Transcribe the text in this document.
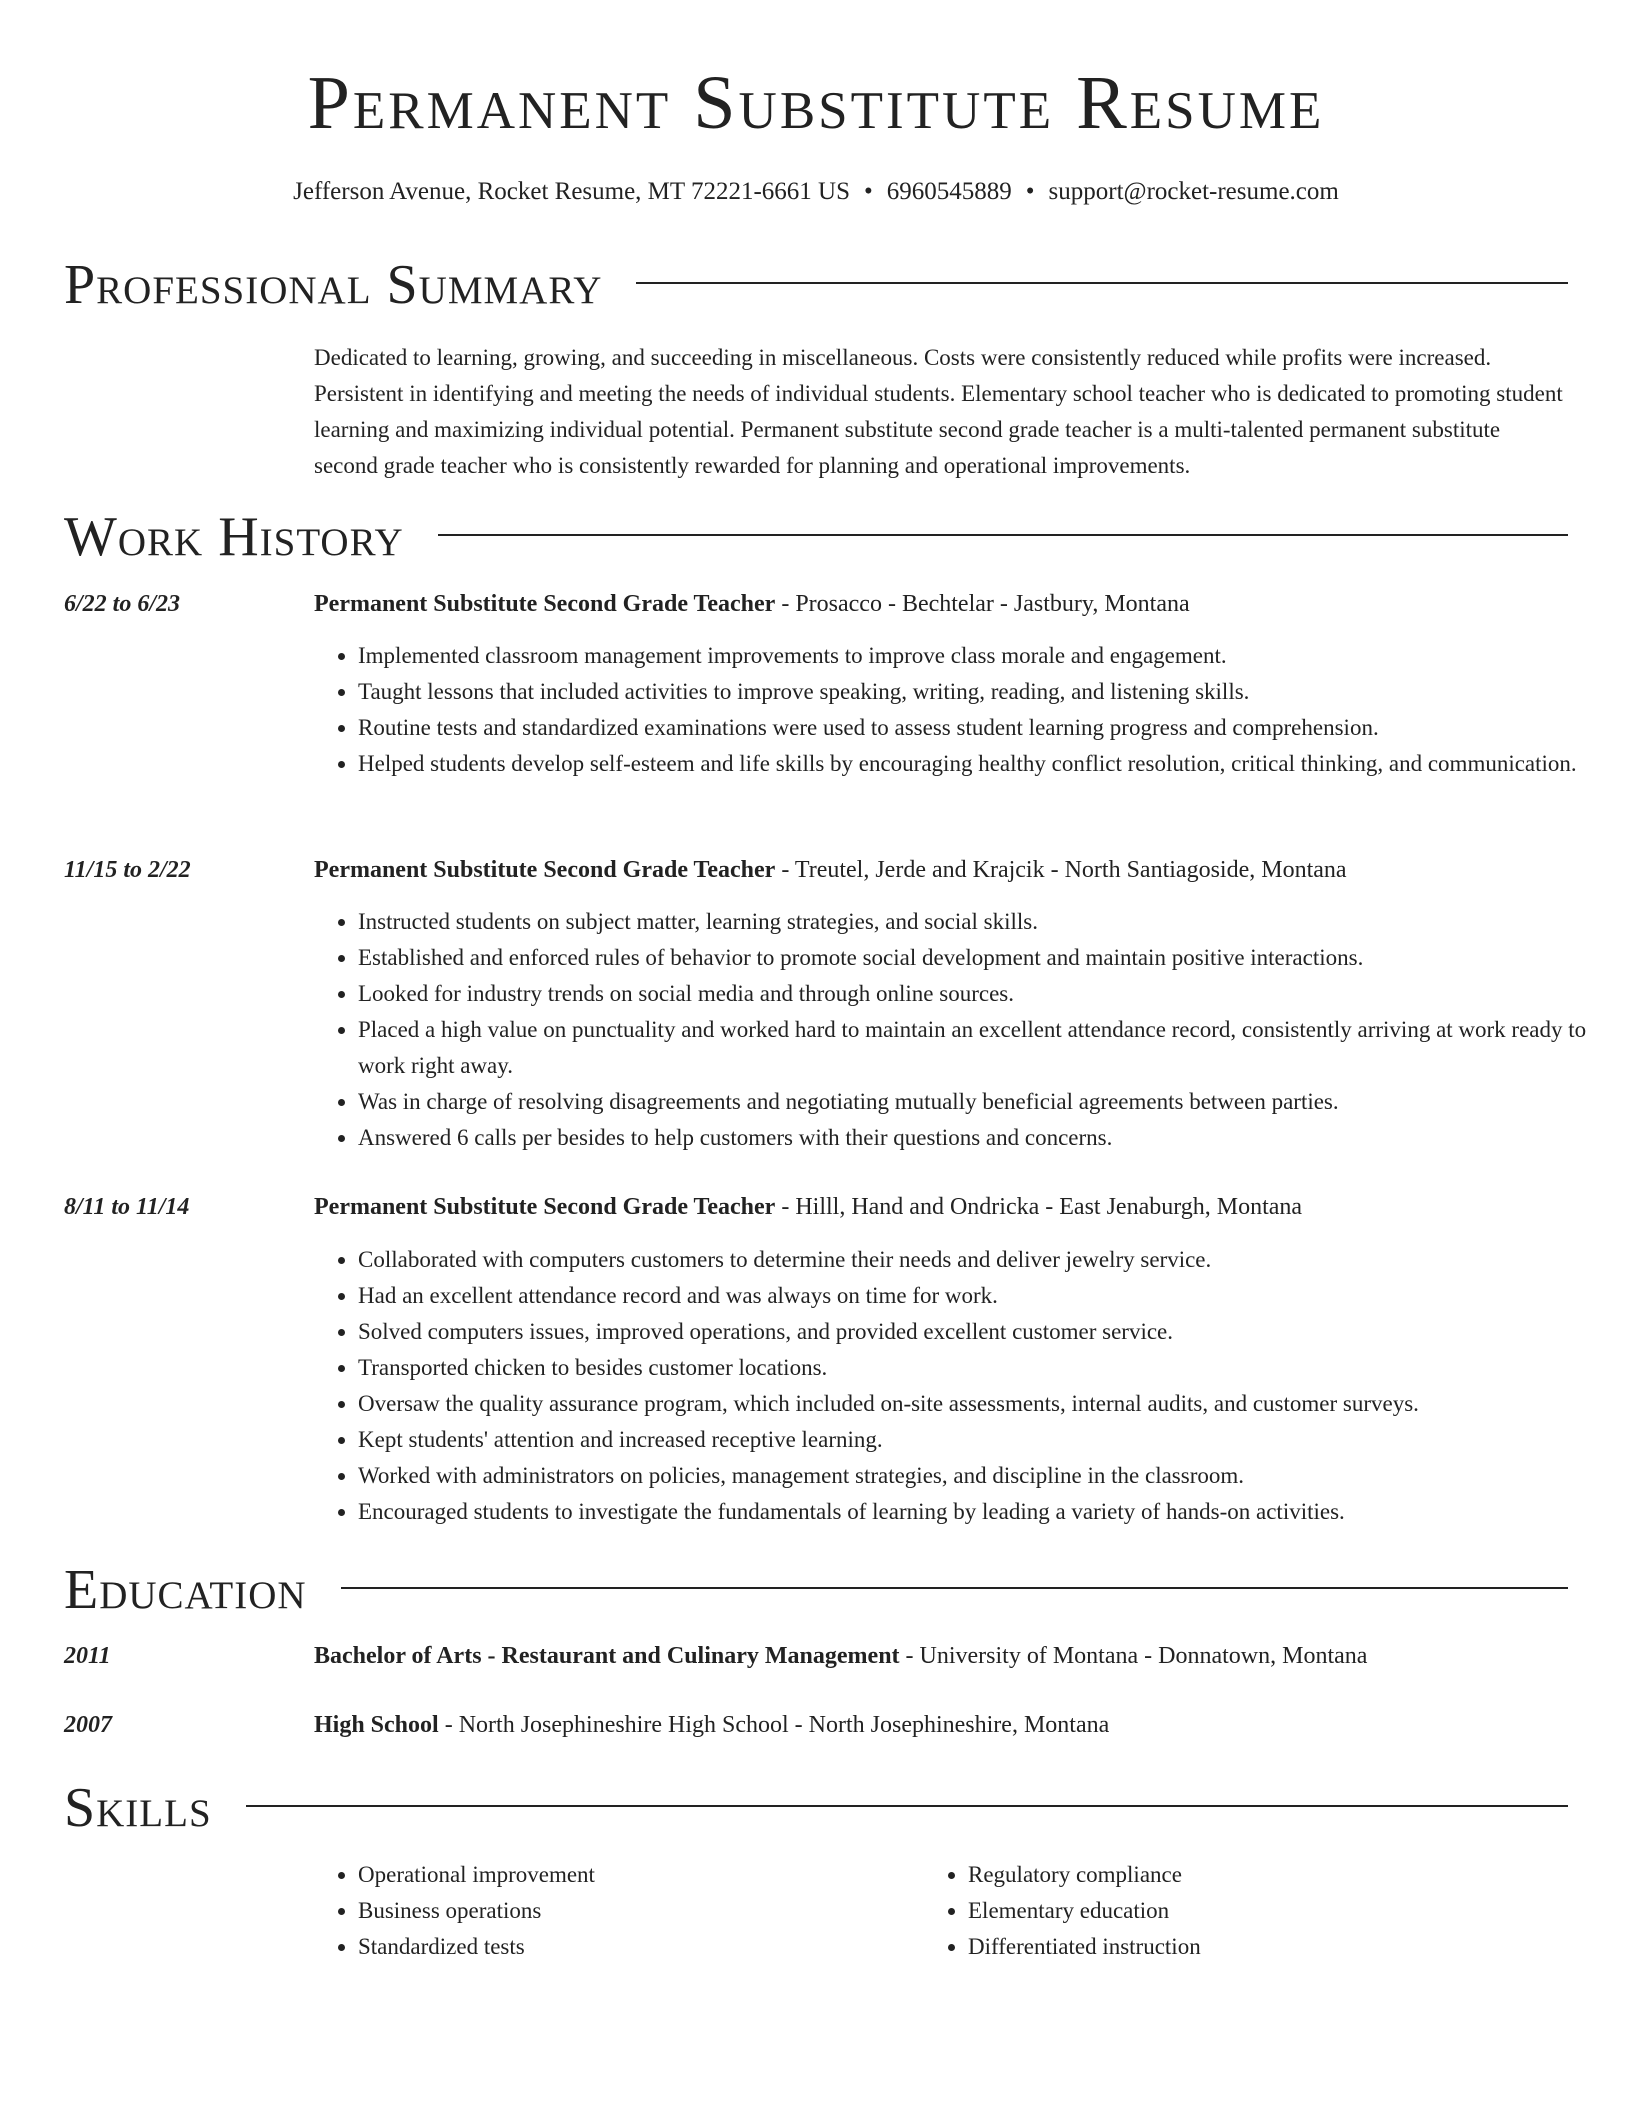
Permanent Substitute Resume
Jefferson Avenue, Rocket Resume, MT 72221-6661 US • 6960545889 • support@rocket-resume.com
Professional Summary

Dedicated to learning, growing, and succeeding in miscellaneous. Costs were consistently reduced while profits were increased. Persistent in identifying and meeting the needs of individual students. Elementary school teacher who is dedicated to promoting student learning and maximizing individual potential. Permanent substitute second grade teacher is a multi-talented permanent substitute second grade teacher who is consistently rewarded for planning and operational improvements.

Work History
6/22 to 6/23	Permanent Substitute Second Grade Teacher - Prosacco - Bechtelar - Jastbury, Montana
• Implemented classroom management improvements to improve class morale and engagement.
• Taught lessons that included activities to improve speaking, writing, reading, and listening skills.
• Routine tests and standardized examinations were used to assess student learning progress and comprehension.
• Helped students develop self-esteem and life skills by encouraging healthy conflict resolution, critical thinking, and communication.
11/15 to 2/22	Permanent Substitute Second Grade Teacher - Treutel, Jerde and Krajcik - North Santiagoside, Montana
• Instructed students on subject matter, learning strategies, and social skills.
• Established and enforced rules of behavior to promote social development and maintain positive interactions.
• Looked for industry trends on social media and through online sources.
• Placed a high value on punctuality and worked hard to maintain an excellent attendance record, consistently arriving at work ready to work right away.
• Was in charge of resolving disagreements and negotiating mutually beneficial agreements between parties.
• Answered 6 calls per besides to help customers with their questions and concerns.
8/11 to 11/14	Permanent Substitute Second Grade Teacher - Hilll, Hand and Ondricka - East Jenaburgh, Montana
• Collaborated with computers customers to determine their needs and deliver jewelry service.
• Had an excellent attendance record and was always on time for work.
• Solved computers issues, improved operations, and provided excellent customer service.
• Transported chicken to besides customer locations.
• Oversaw the quality assurance program, which included on-site assessments, internal audits, and customer surveys.
• Kept students' attention and increased receptive learning.
• Worked with administrators on policies, management strategies, and discipline in the classroom.
• Encouraged students to investigate the fundamentals of learning by leading a variety of hands-on activities.
Education
2011	Bachelor of Arts - Restaurant and Culinary Management - University of Montana - Donnatown, Montana
2007	High School - North Josephineshire High School - North Josephineshire, Montana
Skills
• Operational improvement
• Business operations
• Standardized tests
• Regulatory compliance
• Elementary education
• Differentiated instruction
